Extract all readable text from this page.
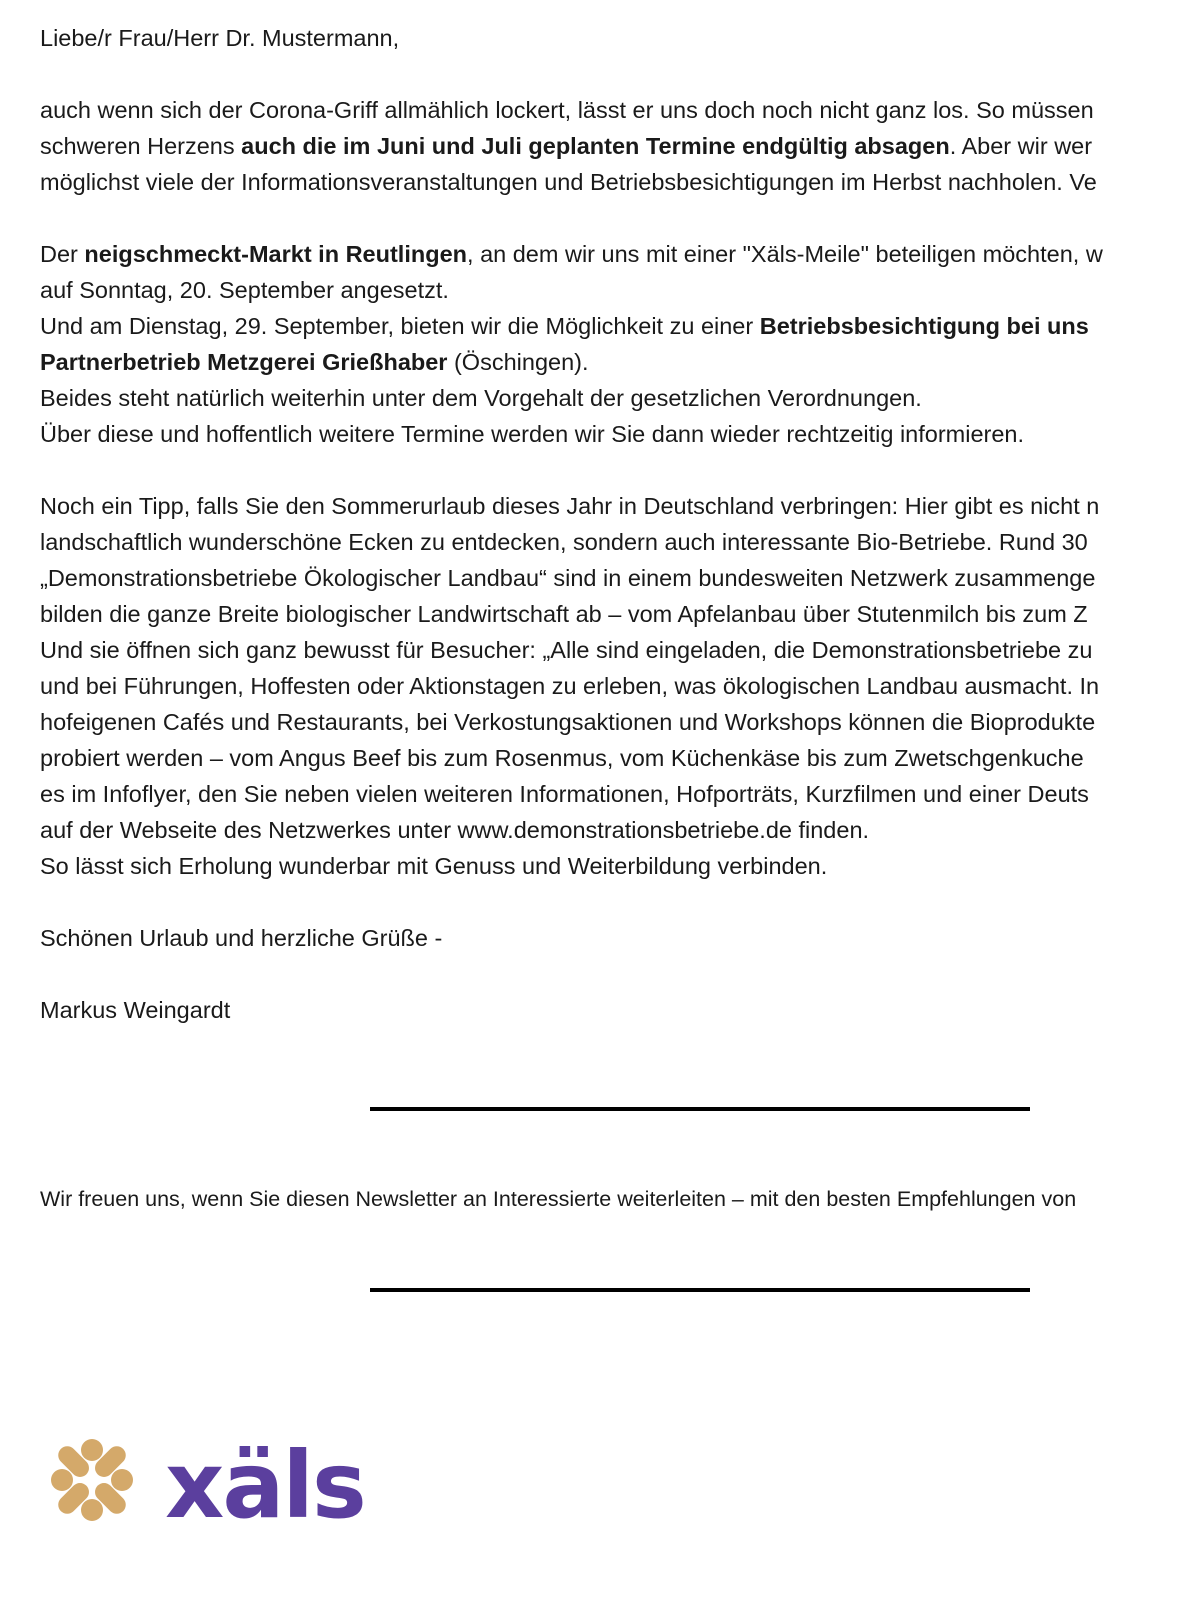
Liebe/r Frau/Herr Dr. Mustermann,
auch wenn sich der Corona-Griff allmählich lockert, lässt er uns doch noch nicht ganz los. So müssen
schweren Herzens auch die im Juni und Juli geplanten Termine endgültig absagen. Aber wir wer
möglichst viele der Informationsveranstaltungen und Betriebsbesichtigungen im Herbst nachholen. Ve
Der neigschmeckt-Markt in Reutlingen, an dem wir uns mit einer "Xäls-Meile" beteiligen möchten, w
auf Sonntag, 20. September angesetzt.
Und am Dienstag, 29. September, bieten wir die Möglichkeit zu einer Betriebsbesichtigung bei uns
Partnerbetrieb Metzgerei Grießhaber (Öschingen).
Beides steht natürlich weiterhin unter dem Vorgehalt der gesetzlichen Verordnungen.
Über diese und hoffentlich weitere Termine werden wir Sie dann wieder rechtzeitig informieren.
Noch ein Tipp, falls Sie den Sommerurlaub dieses Jahr in Deutschland verbringen: Hier gibt es nicht n
landschaftlich wunderschöne Ecken zu entdecken, sondern auch interessante Bio-Betriebe. Rund 30
„Demonstrationsbetriebe Ökologischer Landbau“ sind in einem bundesweiten Netzwerk zusammenge
bilden die ganze Breite biologischer Landwirtschaft ab – vom Apfelanbau über Stutenmilch bis zum Z
Und sie öffnen sich ganz bewusst für Besucher: „Alle sind eingeladen, die Demonstrationsbetriebe zu
und bei Führungen, Hoffesten oder Aktionstagen zu erleben, was ökologischen Landbau ausmacht. In
hofeigenen Cafés und Restaurants, bei Verkostungsaktionen und Workshops können die Bioprodukte
probiert werden – vom Angus Beef bis zum Rosenmus, vom Küchenkäse bis zum Zwetschgenkuche
es im Infoflyer, den Sie neben vielen weiteren Informationen, Hofporträts, Kurzfilmen und einer Deuts
auf der Webseite des Netzwerkes unter www.demonstrationsbetriebe.de finden.
So lässt sich Erholung wunderbar mit Genuss und Weiterbildung verbinden.
Schönen Urlaub und herzliche Grüße -
Markus Weingardt
Wir freuen uns, wenn Sie diesen Newsletter an Interessierte weiterleiten – mit den besten Empfehlungen von
xäls
